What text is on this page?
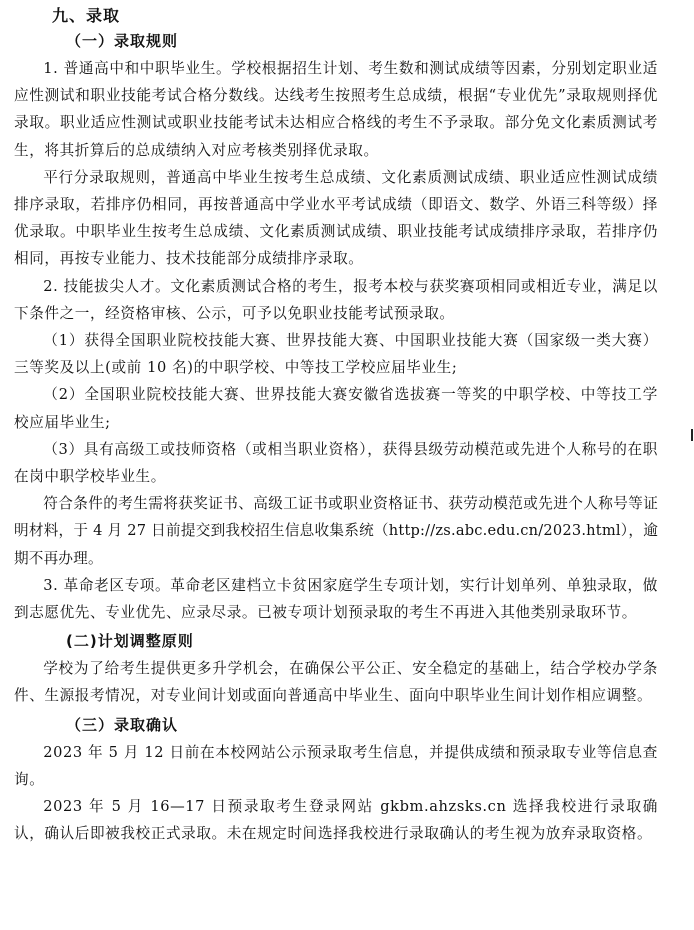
九、录取
（一）录取规则

1. 普通高中和中职毕业生。学校根据招生计划、考生数和测试成绩等因素，分别划定职业适应性测试和职业技能考试合格分数线。达线考生按照考生总成绩，根据“专业优先”录取规则择优录取。职业适应性测试或职业技能考试未达相应合格线的考生不予录取。部分免文化素质测试考生，将其折算后的总成绩纳入对应考核类别择优录取。

平行分录取规则，普通高中毕业生按考生总成绩、文化素质测试成绩、职业适应性测试成绩排序录取，若排序仍相同，再按普通高中学业水平考试成绩（即语文、数学、外语三科等级）择优录取。中职毕业生按考生总成绩、文化素质测试成绩、职业技能考试成绩排序录取，若排序仍相同，再按专业能力、技术技能部分成绩排序录取。

2. 技能拔尖人才。文化素质测试合格的考生，报考本校与获奖赛项相同或相近专业，满足以下条件之一，经资格审核、公示，可予以免职业技能考试预录取。

（1）获得全国职业院校技能大赛、世界技能大赛、中国职业技能大赛（国家级一类大赛）三等奖及以上(或前 10 名)的中职学校、中等技工学校应届毕业生;

（2）全国职业院校技能大赛、世界技能大赛安徽省选拔赛一等奖的中职学校、中等技工学校应届毕业生;

（3）具有高级工或技师资格（或相当职业资格），获得县级劳动模范或先进个人称号的在职在岗中职学校毕业生。

符合条件的考生需将获奖证书、高级工证书或职业资格证书、获劳动模范或先进个人称号等证明材料，于 4 月 27 日前提交到我校招生信息收集系统（http://zs.abc.edu.cn/2023.html），逾期不再办理。

3. 革命老区专项。革命老区建档立卡贫困家庭学生专项计划，实行计划单列、单独录取，做到志愿优先、专业优先、应录尽录。已被专项计划预录取的考生不再进入其他类别录取环节。

(二)计划调整原则

学校为了给考生提供更多升学机会，在确保公平公正、安全稳定的基础上，结合学校办学条件、生源报考情况，对专业间计划或面向普通高中毕业生、面向中职毕业生间计划作相应调整。

（三）录取确认

2023 年 5 月 12 日前在本校网站公示预录取考生信息，并提供成绩和预录取专业等信息查询。

2023 年 5 月 16—17 日预录取考生登录网站 gkbm.ahzsks.cn 选择我校进行录取确认，确认后即被我校正式录取。未在规定时间选择我校进行录取确认的考生视为放弃录取资格。
